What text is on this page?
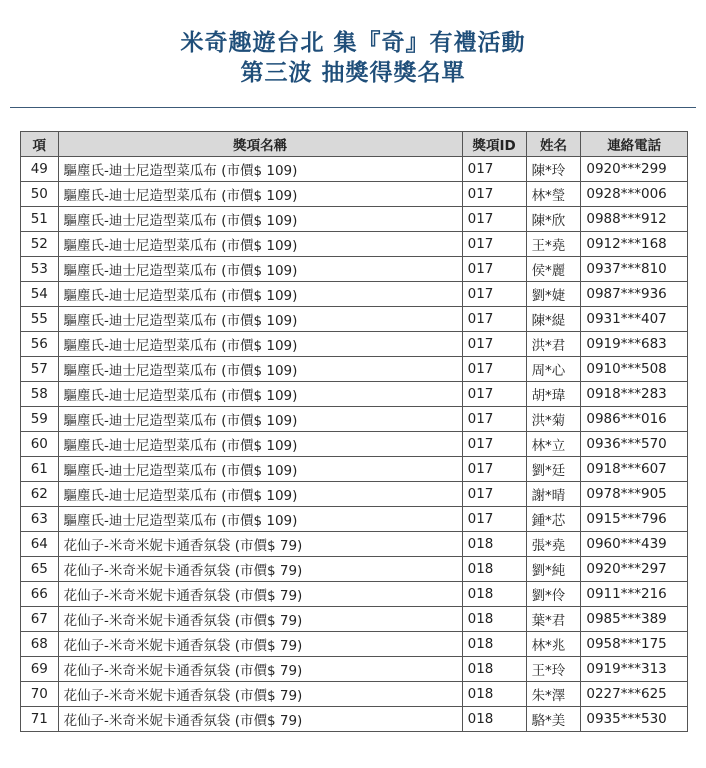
米奇趣遊台北 集『奇』有禮活動
第三波 抽獎得獎名單
項	獎項名稱	獎項ID	姓名	連絡電話
49	驅塵氏-迪士尼造型菜瓜布 (市價$ 109)	017	陳*玲	0920***299
50	驅塵氏-迪士尼造型菜瓜布 (市價$ 109)	017	林*瑩	0928***006
51	驅塵氏-迪士尼造型菜瓜布 (市價$ 109)	017	陳*欣	0988***912
52	驅塵氏-迪士尼造型菜瓜布 (市價$ 109)	017	王*堯	0912***168
53	驅塵氏-迪士尼造型菜瓜布 (市價$ 109)	017	侯*麗	0937***810
54	驅塵氏-迪士尼造型菜瓜布 (市價$ 109)	017	劉*婕	0987***936
55	驅塵氏-迪士尼造型菜瓜布 (市價$ 109)	017	陳*緹	0931***407
56	驅塵氏-迪士尼造型菜瓜布 (市價$ 109)	017	洪*君	0919***683
57	驅塵氏-迪士尼造型菜瓜布 (市價$ 109)	017	周*心	0910***508
58	驅塵氏-迪士尼造型菜瓜布 (市價$ 109)	017	胡*瑋	0918***283
59	驅塵氏-迪士尼造型菜瓜布 (市價$ 109)	017	洪*菊	0986***016
60	驅塵氏-迪士尼造型菜瓜布 (市價$ 109)	017	林*立	0936***570
61	驅塵氏-迪士尼造型菜瓜布 (市價$ 109)	017	劉*廷	0918***607
62	驅塵氏-迪士尼造型菜瓜布 (市價$ 109)	017	謝*晴	0978***905
63	驅塵氏-迪士尼造型菜瓜布 (市價$ 109)	017	鍾*芯	0915***796
64	花仙子-米奇米妮卡通香氛袋 (市價$ 79)	018	張*堯	0960***439
65	花仙子-米奇米妮卡通香氛袋 (市價$ 79)	018	劉*純	0920***297
66	花仙子-米奇米妮卡通香氛袋 (市價$ 79)	018	劉*伶	0911***216
67	花仙子-米奇米妮卡通香氛袋 (市價$ 79)	018	葉*君	0985***389
68	花仙子-米奇米妮卡通香氛袋 (市價$ 79)	018	林*兆	0958***175
69	花仙子-米奇米妮卡通香氛袋 (市價$ 79)	018	王*玲	0919***313
70	花仙子-米奇米妮卡通香氛袋 (市價$ 79)	018	朱*澤	0227***625
71	花仙子-米奇米妮卡通香氛袋 (市價$ 79)	018	駱*美	0935***530
